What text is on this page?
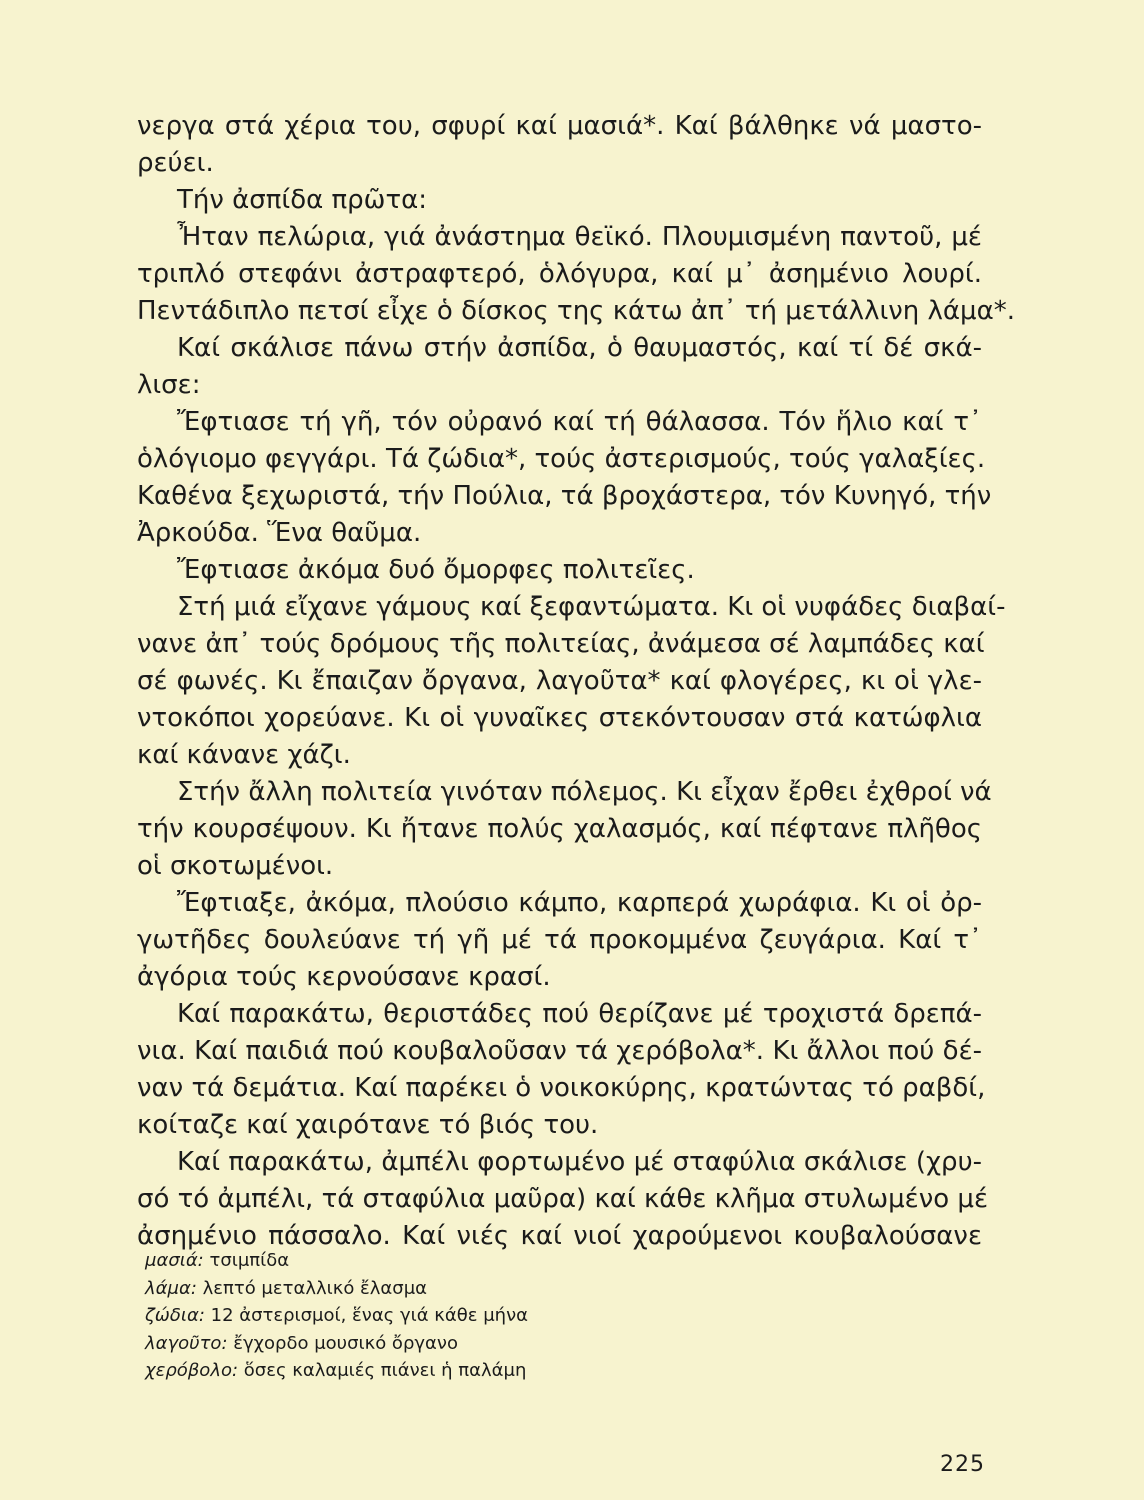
νεργα στά χέρια του, σφυρί καί μασιά*. Καί βάλθηκε νά μαστο-

ρεύει.

Τήν ἀσπίδα πρῶτα:

Ἦταν πελώρια, γιά ἀνάστημα θεϊκό. Πλουμισμένη παντοῦ, μέ

τριπλό στεφάνι ἀστραφτερό, ὁλόγυρα, καί μ᾿ ἀσημένιο λουρί.

Πεντάδιπλο πετσί εἶχε ὁ δίσκος της κάτω ἀπ᾿ τή μετάλλινη λάμα*.

Καί σκάλισε πάνω στήν ἀσπίδα, ὁ θαυμαστός, καί τί δέ σκά-

λισε:

Ἔφτιασε τή γῆ, τόν οὐρανό καί τή θάλασσα. Τόν ἥλιο καί τ᾿

ὁλόγιομο φεγγάρι. Τά ζώδια*, τούς ἀστερισμούς, τούς γαλαξίες.

Καθένα ξεχωριστά, τήν Πούλια, τά βροχάστερα, τόν Κυνηγό, τήν

Ἀρκούδα. Ἕνα θαῦμα.

Ἔφτιασε ἀκόμα δυό ὄμορφες πολιτεῖες.

Στή μιά εἴχανε γάμους καί ξεφαντώματα. Κι οἱ νυφάδες διαβαί-

νανε ἀπ᾿ τούς δρόμους τῆς πολιτείας, ἀνάμεσα σέ λαμπάδες καί

σέ φωνές. Κι ἔπαιζαν ὄργανα, λαγοῦτα* καί φλογέρες, κι οἱ γλε-

ντοκόποι χορεύανε. Κι οἱ γυναῖκες στεκόντουσαν στά κατώφλια

καί κάνανε χάζι.

Στήν ἄλλη πολιτεία γινόταν πόλεμος. Κι εἶχαν ἔρθει ἐχθροί νά

τήν κουρσέψουν. Κι ἤτανε πολύς χαλασμός, καί πέφτανε πλῆθος

οἱ σκοτωμένοι.

Ἔφτιαξε, ἀκόμα, πλούσιο κάμπο, καρπερά χωράφια. Κι οἱ ὀρ-

γωτῆδες δουλεύανε τή γῆ μέ τά προκομμένα ζευγάρια. Καί τ᾿

ἀγόρια τούς κερνούσανε κρασί.

Καί παρακάτω, θεριστάδες πού θερίζανε μέ τροχιστά δρεπά-

νια. Καί παιδιά πού κουβαλοῦσαν τά χερόβολα*. Κι ἄλλοι πού δέ-

ναν τά δεμάτια. Καί παρέκει ὁ νοικοκύρης, κρατώντας τό ραβδί,

κοίταζε καί χαιρότανε τό βιός του.

Καί παρακάτω, ἀμπέλι φορτωμένο μέ σταφύλια σκάλισε (χρυ-

σό τό ἀμπέλι, τά σταφύλια μαῦρα) καί κάθε κλῆμα στυλωμένο μέ

ἀσημένιο πάσσαλο. Καί νιές καί νιοί χαρούμενοι κουβαλούσανε

μασιά: τσιμπίδα
λάμα: λεπτό μεταλλικό ἔλασμα
ζώδια: 12 ἀστερισμοί, ἕνας γιά κάθε μήνα
λαγοῦτο: ἔγχορδο μουσικό ὄργανο
χερόβολο: ὅσες καλαμιές πιάνει ἡ παλάμη
225
